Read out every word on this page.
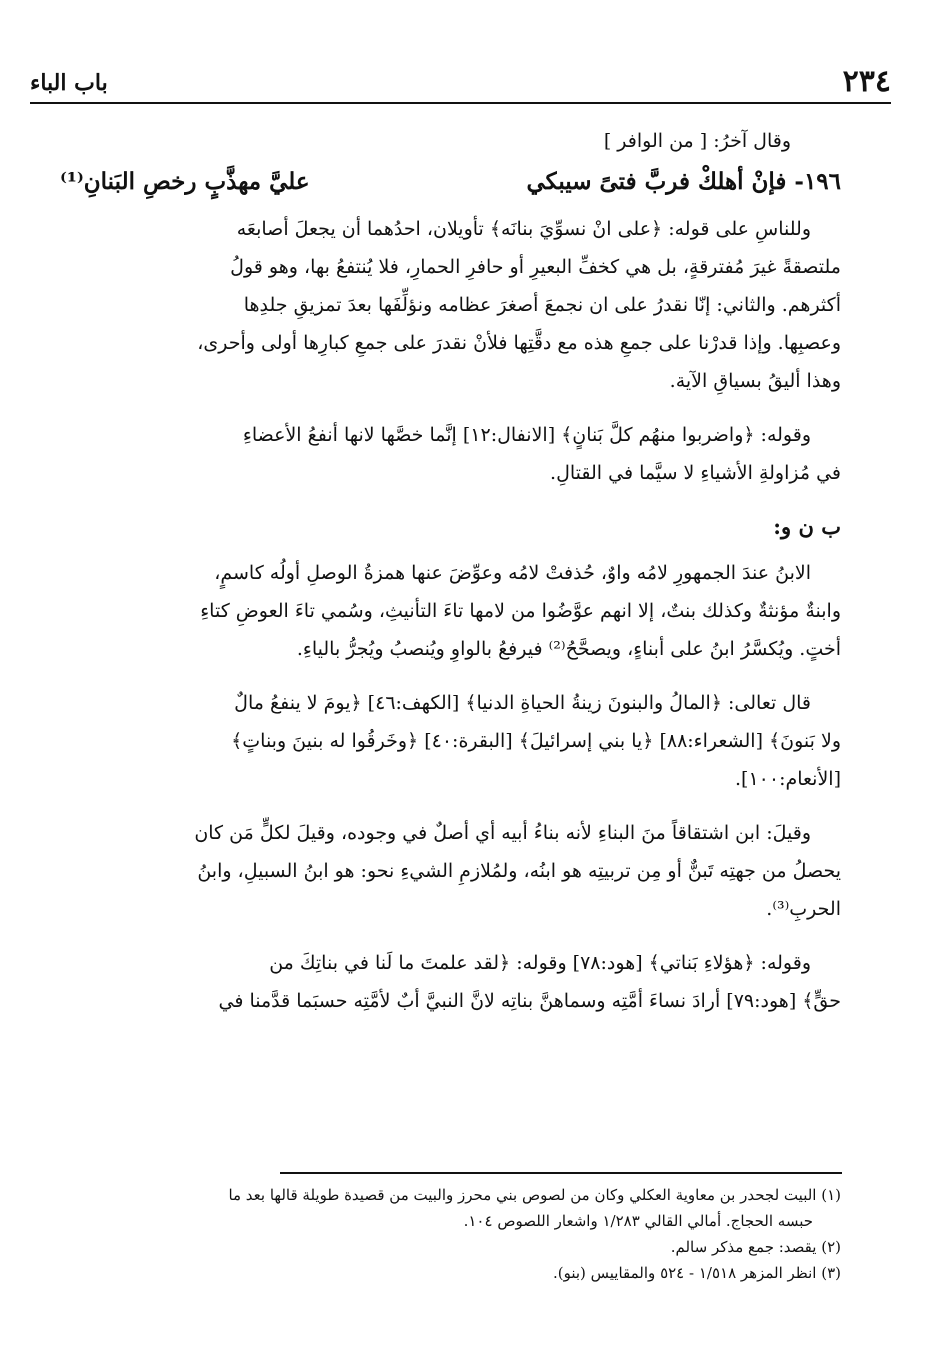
٢٣٤
باب الباء
وقال آخرُ: [ من الوافر ]
١٩٦- فإنْ أهلكْ فربَّ فتىً سيبكي
عليَّ مهذَّبٍ رخصِ البَنانِ⁽¹⁾
وللناسِ على قوله: ﴿على انْ نسوِّيَ بنانَه﴾ تأويلان، احدُهما أن يجعلَ أصابعَه
ملتصقةً غيرَ مُفترقةٍ، بل هي كخفِّ البعيرِ أو حافرِ الحمارِ، فلا يُنتفعُ بها، وهو قولُ
أكثرهم. والثاني: إنّا نقدرُ على ان نجمعَ أصغرَ عظامه ونؤلِّفَها بعدَ تمزيقِ جلدِها
وعصبِها. وإذا قدرْنا على جمعِ هذه مع دقَّتِها فلأنْ نقدرَ على جمعِ كبارِها أولى وأحرى،
وهذا أليقُ بسياقِ الآية.
وقوله: ﴿واضربوا منهُم كلَّ بَنانٍ﴾ [الانفال:١٢] إنَّما خصَّها لانها أنفعُ الأعضاءِ
في مُزاولةِ الأشياءِ لا سيَّما في القتالِ.
ب ن و:
الابنُ عندَ الجمهورِ لامُه واوٌ، حُذفتْ لامُه وعوِّضَ عنها همزةُ الوصلِ أولُه كاسمٍ،
وابنةٌ مؤنثةٌ وكذلك بنتٌ، إلا انهم عوَّضُوا من لامها تاءَ التأنيثِ، وسُمي تاءَ العوضِ كتاءِ
أختٍ. ويُكسَّرُ ابنُ على أبناءٍ، ويصحَّحُ⁽²⁾ فيرفعُ بالواوِ ويُنصبُ ويُجرُّ بالياءِ.
قال تعالى: ﴿المالُ والبنونَ زينةُ الحياةِ الدنيا﴾ [الكهف:٤٦] ﴿يومَ لا ينفعُ مالٌ
ولا بَنونَ﴾ [الشعراء:٨٨] ﴿يا بني إسرائيلَ﴾ [البقرة:٤٠] ﴿وخَرقُوا له بنينَ وبناتٍ﴾
[الأنعام:١٠٠].
وقيلَ: ابن اشتقاقاً منَ البناءِ لأنه بناءُ أبيه أي أصلٌ في وجوده، وقيلَ لكلٍّ مَن كان
يحصلُ من جهتِه تَبنٌّ أو مِن تربيتِه هو ابنُه، ولمُلازمِ الشيءِ نحو: هو ابنُ السبيلِ، وابنُ
الحربِ⁽³⁾.
وقوله: ﴿هؤلاءِ بَناتي﴾ [هود:٧٨] وقوله: ﴿لقد علمتَ ما لَنا في بناتِكَ من
حقٍّ﴾ [هود:٧٩] أرادَ نساءَ أمَّتِه وسماهنَّ بناتِه لانَّ النبيَّ أبٌ لأمَّتِه حسبَما قدَّمنا في
(١) البيت لجحدر بن معاوية العكلي وكان من لصوص بني محرز والبيت من قصيدة طويلة قالها بعد ما
حبسه الحجاج. أمالي القالي ١/٢٨٣ واشعار اللصوص ١٠٤.
(٢) يقصد: جمع مذكر سالم.
(٣) انظر المزهر ١/٥١٨ - ٥٢٤ والمقاييس (بنو).
